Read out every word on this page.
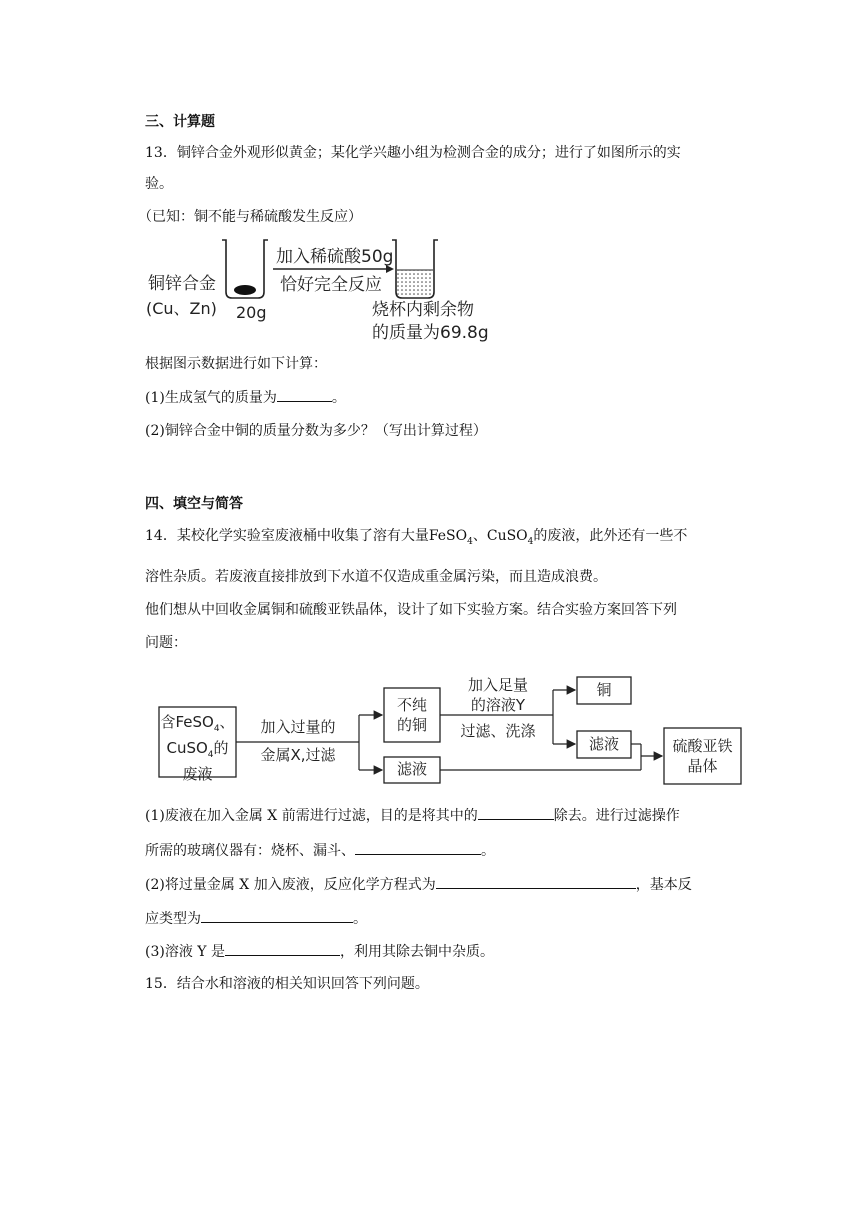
三、计算题
13．铜锌合金外观形似黄金；某化学兴趣小组为检测合金的成分；进行了如图所示的实
验。
（已知：铜不能与稀硫酸发生反应）
铜锌合金
(Cu、Zn) 20g
加入稀硫酸50g
恰好完全反应
烧杯内剩余物
的质量为69.8g
根据图示数据进行如下计算：
(1)生成氢气的质量为	。
(2)铜锌合金中铜的质量分数为多少？（写出计算过程）
四、填空与简答
14．某校化学实验室废液桶中收集了溶有大量FeSO$_4$、CuSO$_4$的废液，此外还有一些不
溶性杂质。若废液直接排放到下水道不仅造成重金属污染，而且造成浪费。
他们想从中回收金属铜和硫酸亚铁晶体，设计了如下实验方案。结合实验方案回答下列
问题：
含FeSO$_4$、
CuSO$_4$的
废液
加入过量的
金属X,过滤
不纯
的铜
滤液
加入足量
的溶液Y
过滤、洗涤
铜
滤液	硫酸亚铁
晶体
(1)废液在加入金属 X 前需进行过滤，目的是将其中的	除去。进行过滤操作
所需的玻璃仪器有：烧杯、漏斗、	。
(2)将过量金属 X 加入废液，反应化学方程式为	，基本反
应类型为	。
(3)溶液 Y 是	，利用其除去铜中杂质。
15．结合水和溶液的相关知识回答下列问题。
